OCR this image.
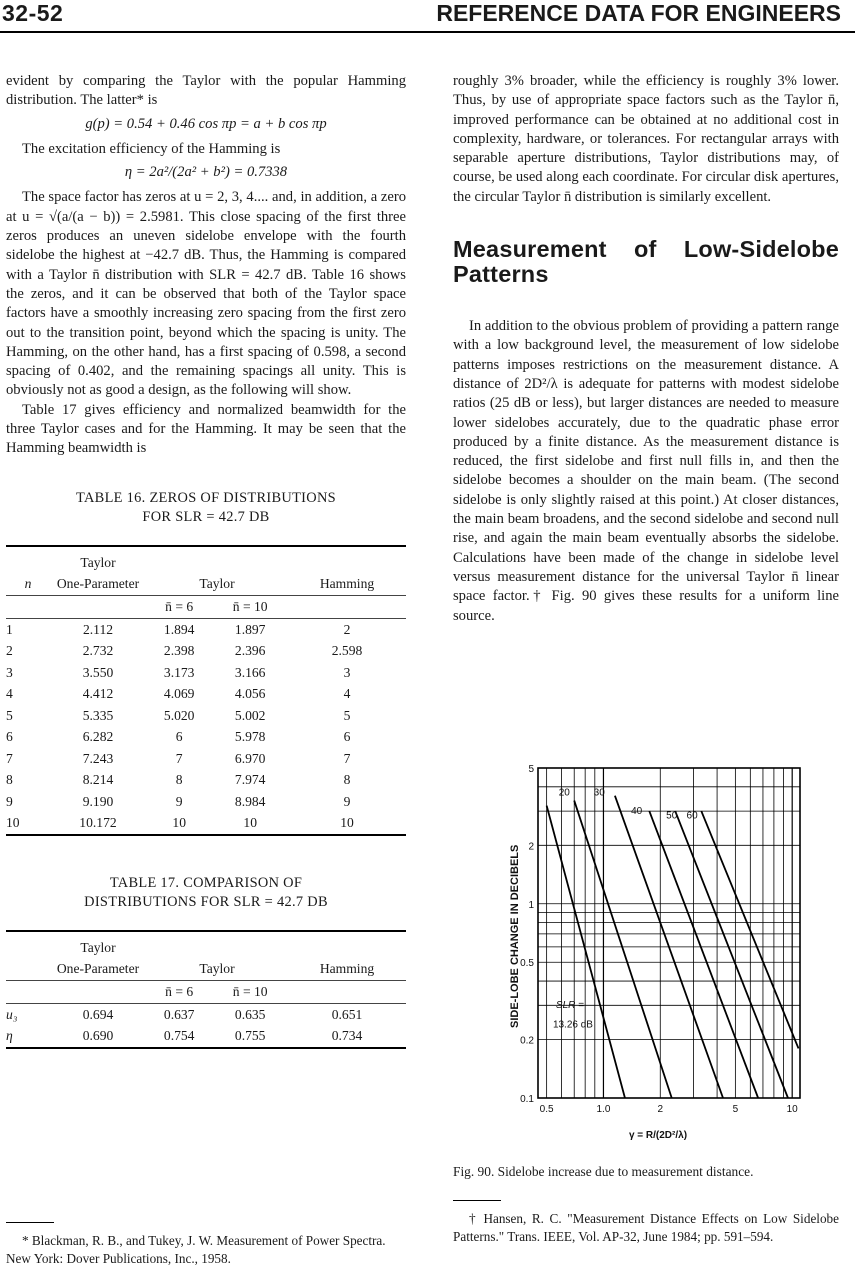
32-52	REFERENCE DATA FOR ENGINEERS

evident by comparing the Taylor with the popular Hamming distribution. The latter* is

g(p) = 0.54 + 0.46 cos πp = a + b cos πp

The excitation efficiency of the Hamming is

η = 2a²/(2a² + b²) = 0.7338

The space factor has zeros at u = 2, 3, 4.... and, in addition, a zero at u = √(a/(a − b)) = 2.5981. This close spacing of the first three zeros produces an uneven sidelobe envelope with the fourth sidelobe the highest at −42.7 dB. Thus, the Hamming is compared with a Taylor n̄ distribution with SLR = 42.7 dB. Table 16 shows the zeros, and it can be observed that both of the Taylor space factors have a smoothly increasing zero spacing from the first zero out to the transition point, beyond which the spacing is unity. The Hamming, on the other hand, has a first spacing of 0.598, a second spacing of 0.402, and the remaining spacings all unity. This is obviously not as good a design, as the following will show.

Table 17 gives efficiency and normalized beamwidth for the three Taylor cases and for the Hamming. It may be seen that the Hamming beamwidth is

TABLE 16. ZEROS OF DISTRIBUTIONS
FOR SLR = 42.7 DB
	Taylor			
n	One-Parameter	Taylor		Hamming
		n̄ = 6	n̄ = 10	
1	2.112	1.894	1.897	2
2	2.732	2.398	2.396	2.598
3	3.550	3.173	3.166	3
4	4.412	4.069	4.056	4
5	5.335	5.020	5.002	5
6	6.282	6	5.978	6
7	7.243	7	6.970	7
8	8.214	8	7.974	8
9	9.190	9	8.984	9
10	10.172	10	10	10
TABLE 17. COMPARISON OF
DISTRIBUTIONS FOR SLR = 42.7 DB
	Taylor			
	One-Parameter	Taylor		Hamming
		n̄ = 6	n̄ = 10	
u₃	0.694	0.637	0.635	0.651
η	0.690	0.754	0.755	0.734
* Blackman, R. B., and Tukey, J. W. Measurement of Power Spectra. New York: Dover Publications, Inc., 1958.

roughly 3% broader, while the efficiency is roughly 3% lower. Thus, by use of appropriate space factors such as the Taylor n̄, improved performance can be obtained at no additional cost in complexity, hardware, or tolerances. For rectangular arrays with separable aperture distributions, Taylor distributions may, of course, be used along each coordinate. For circular disk apertures, the circular Taylor n̄ distribution is similarly excellent.

Measurement of Low-Sidelobe Patterns

In addition to the obvious problem of providing a pattern range with a low background level, the measurement of low sidelobe patterns imposes restrictions on the measurement distance. A distance of 2D²/λ is adequate for patterns with modest sidelobe ratios (25 dB or less), but larger distances are needed to measure lower sidelobes accurately, due to the quadratic phase error produced by a finite distance. As the measurement distance is reduced, the first sidelobe and first null fills in, and then the sidelobe becomes a shoulder on the main beam. (The second sidelobe is only slightly raised at this point.) At closer distances, the main beam broadens, and the second sidelobe and second null rise, and again the main beam eventually absorbs the sidelobe. Calculations have been made of the change in sidelobe level versus measurement distance for the universal Taylor n̄ linear space factor.† Fig. 90 gives these results for a uniform line source.

5
2
1
0.5
0.2
0.1
0.5	1.0	2	5	10
20 30
40 50 60
SLR =
13.26 dB
SIDE-LOBE CHANGE IN DECIBELS
γ = R/(2D²/λ)
Fig. 90. Sidelobe increase due to measurement distance.
† Hansen, R. C. "Measurement Distance Effects on Low Sidelobe Patterns." Trans. IEEE, Vol. AP-32, June 1984; pp. 591–594.
